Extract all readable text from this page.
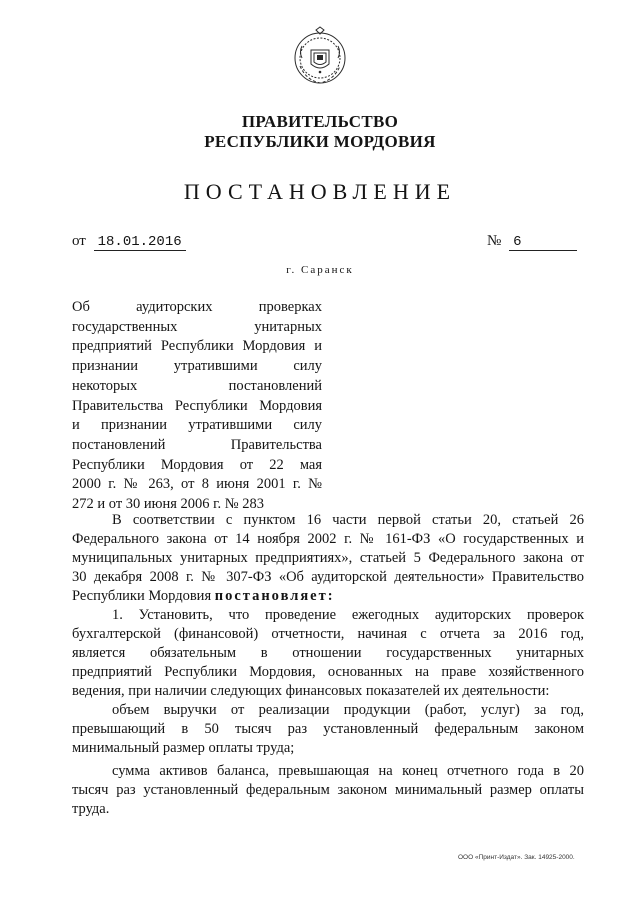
ПРАВИТЕЛЬСТВО
РЕСПУБЛИКИ МОРДОВИЯ
ПОСТАНОВЛЕНИЕ
от 18.01.2016	№ 6
г. Саранск
Об аудиторских проверках
государственных унитарных
предприятий Республики Мордовия и
признании утратившими силу
некоторых постановлений
Правительства Республики Мордовия
и признании утратившими силу
постановлений Правительства
Республики Мордовия от 22 мая
2000 г. № 263, от 8 июня 2001 г. №
272 и от 30 июня 2006 г. № 283
В соответствии с пунктом 16 части первой статьи 20, статьей 26
Федерального закона от 14 ноября 2002 г. № 161-ФЗ «О государственных и
муниципальных унитарных предприятиях», статьей 5 Федерального закона от
30 декабря 2008 г. № 307-ФЗ «Об аудиторской деятельности» Правительство
Республики Мордовия постановляет:
1. Установить, что проведение ежегодных аудиторских проверок
бухгалтерской (финансовой) отчетности, начиная с отчета за 2016 год,
является обязательным в отношении государственных унитарных
предприятий Республики Мордовия, основанных на праве хозяйственного
ведения, при наличии следующих финансовых показателей их деятельности:
объем выручки от реализации продукции (работ, услуг) за год,
превышающий в 50 тысяч раз установленный федеральным законом
минимальный размер оплаты труда;
сумма активов баланса, превышающая на конец отчетного года в 20
тысяч раз установленный федеральным законом минимальный размер оплаты
труда.
ООО «Принт-Издат». Зак. 14925-2000.
